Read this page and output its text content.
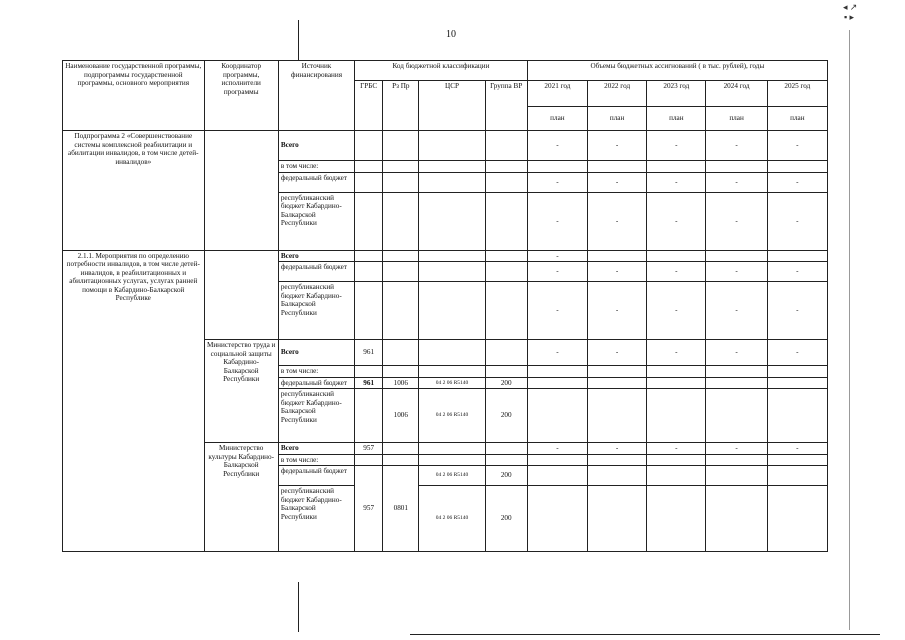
◂ ↗
▪ ▸
10
Наименование государственной программы, подпрограммы государственной программы, основного мероприятия	Координатор программы, исполнители программы	Источник финансирования	Код бюджетной классификации				Объемы бюджетных ассигнований ( в тыс. рублей), годы				
			ГРБС	Рз Пр	ЦСР	Группа ВР	2021 год	2022 год	2023 год	2024 год	2025 год
							план	план	план	план	план
Подпрограмма 2 «Совершенствование системы комплексной реабилитации и абилитации инвалидов, в том числе детей-инвалидов»		Всего					-	-	-	-	-
		в том числе:									
		федеральный бюджет					-	-	-	-	-
		республиканский бюджет Кабардино-Балкарской Республики					-	-	-	-	-
2.1.1. Мероприятия по определению потребности инвалидов, в том числе детей-инвалидов, в реабилитационных и абилитационных услугах, услугах ранней помощи в Кабардино-Балкарской Республике		Всего					-				
		федеральный бюджет					-	-	-	-	-
		республиканский бюджет Кабардино-Балкарской Республики					-	-	-	-	-
	Министерство труда и социальной защиты Кабардино-Балкарской Республики	Всего	961				-	-	-	-	-
		в том числе:									
		федеральный бюджет	961	1006	04 2 06 R5140	200					
		республиканский бюджет Кабардино-Балкарской Республики		1006	04 2 06 R5140	200					
	Министерство культуры Кабардино-Балкарской Республики	Всего	957				-	-	-	-	-
		в том числе:									
		федеральный бюджет	957	0801	04 2 06 R5140	200					
		республиканский бюджет Кабардино-Балкарской Республики			04 2 06 R5140	200					
